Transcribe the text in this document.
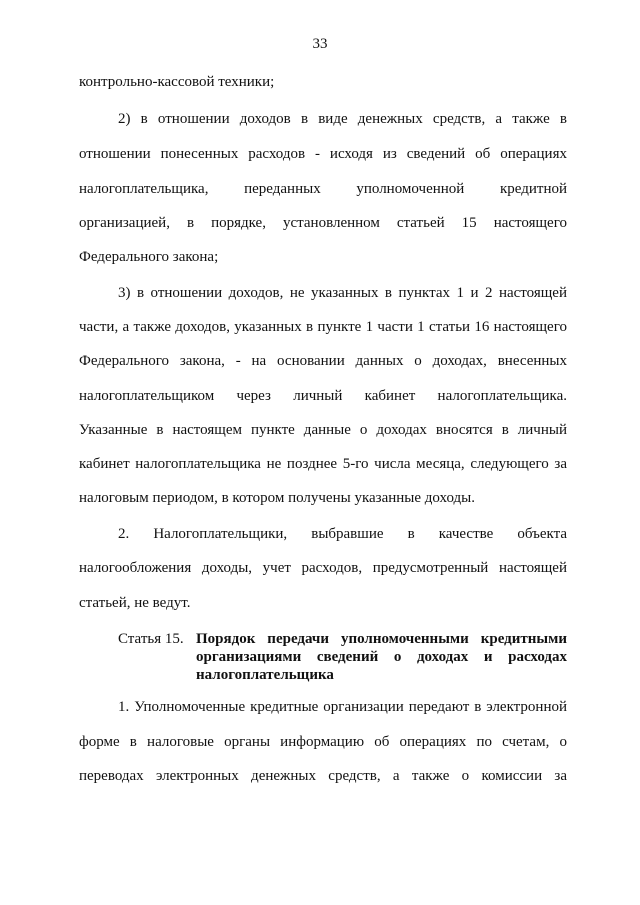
33
контрольно-кассовой техники;
2) в отношении доходов в виде денежных средств, а также в
отношении понесенных расходов - исходя из сведений об операциях
налогоплательщика, переданных уполномоченной кредитной
организацией, в порядке, установленном статьей 15 настоящего
Федерального закона;
3) в отношении доходов, не указанных в пунктах 1 и 2 настоящей
части, а также доходов, указанных в пункте 1 части 1 статьи 16 настоящего
Федерального закона, - на основании данных о доходах, внесенных
налогоплательщиком через личный кабинет налогоплательщика.
Указанные в настоящем пункте данные о доходах вносятся в личный
кабинет налогоплательщика не позднее 5-го числа месяца, следующего за
налоговым периодом, в котором получены указанные доходы.
2. Налогоплательщики, выбравшие в качестве объекта
налогообложения доходы, учет расходов, предусмотренный настоящей
статьей, не ведут.
Статья 15. Порядок передачи уполномоченными кредитными
организациями сведений о доходах и расходах
налогоплательщика
1. Уполномоченные кредитные организации передают в электронной
форме в налоговые органы информацию об операциях по счетам, о
переводах электронных денежных средств, а также о комиссии за
